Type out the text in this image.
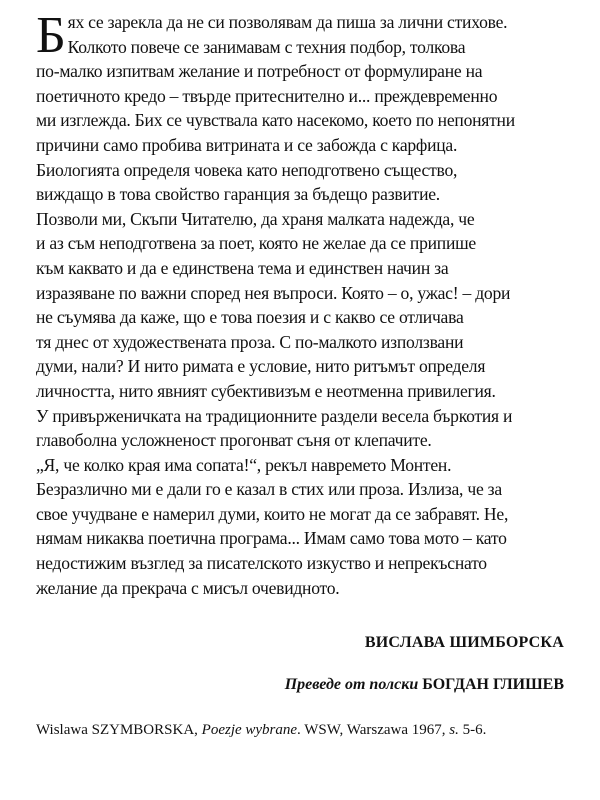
Б ях се зарекла да не си позволявам да пиша за лични стихове.
Колкото повече се занимавам с техния подбор, толкова
по-малко изпитвам желание и потребност от формулиране на
поетичното кредо – твърде притеснително и... преждевременно
ми изглежда. Бих се чувствала като насекомо, което по непонятни
причини само пробива витрината и се забожда с карфица.
Биологията определя човека като неподготвено същество,
виждащо в това свойство гаранция за бъдещо развитие.
Позволи ми, Скъпи Читателю, да храня малката надежда, че
и аз съм неподготвена за поет, която не желае да се припише
към каквато и да е единствена тема и единствен начин за
изразяване по важни според нея въпроси. Която – о, ужас! – дори
не съумява да каже, що е това поезия и с какво се отличава
тя днес от художествената проза. С по-малкото използвани
думи, нали? И нито римата е условие, нито ритъмът определя
личността, нито явният субективизъм е неотменна привилегия.
У привърженичката на традиционните раздели весела бъркотия и
главоболна усложненост прогонват съня от клепачите.
„Я, че колко края има сопата!“, рекъл навремето Монтен.
Безразлично ми е дали го е казал в стих или проза. Излиза, че за
своe учудване е намерил думи, които не могат да се забравят. Не,
нямам никаква поетична програма... Имам само това мото – като
недостижим възглед за писателското изкуство и непрекъснато
желание да прекрача с мисъл очевидното.
ВИСЛАВА ШИМБОРСКА
Преведе от полски БОГДАН ГЛИШЕВ
Wislawa SZYMBORSKA, Poezje wybrane. WSW, Warszawa 1967, s. 5-6.
